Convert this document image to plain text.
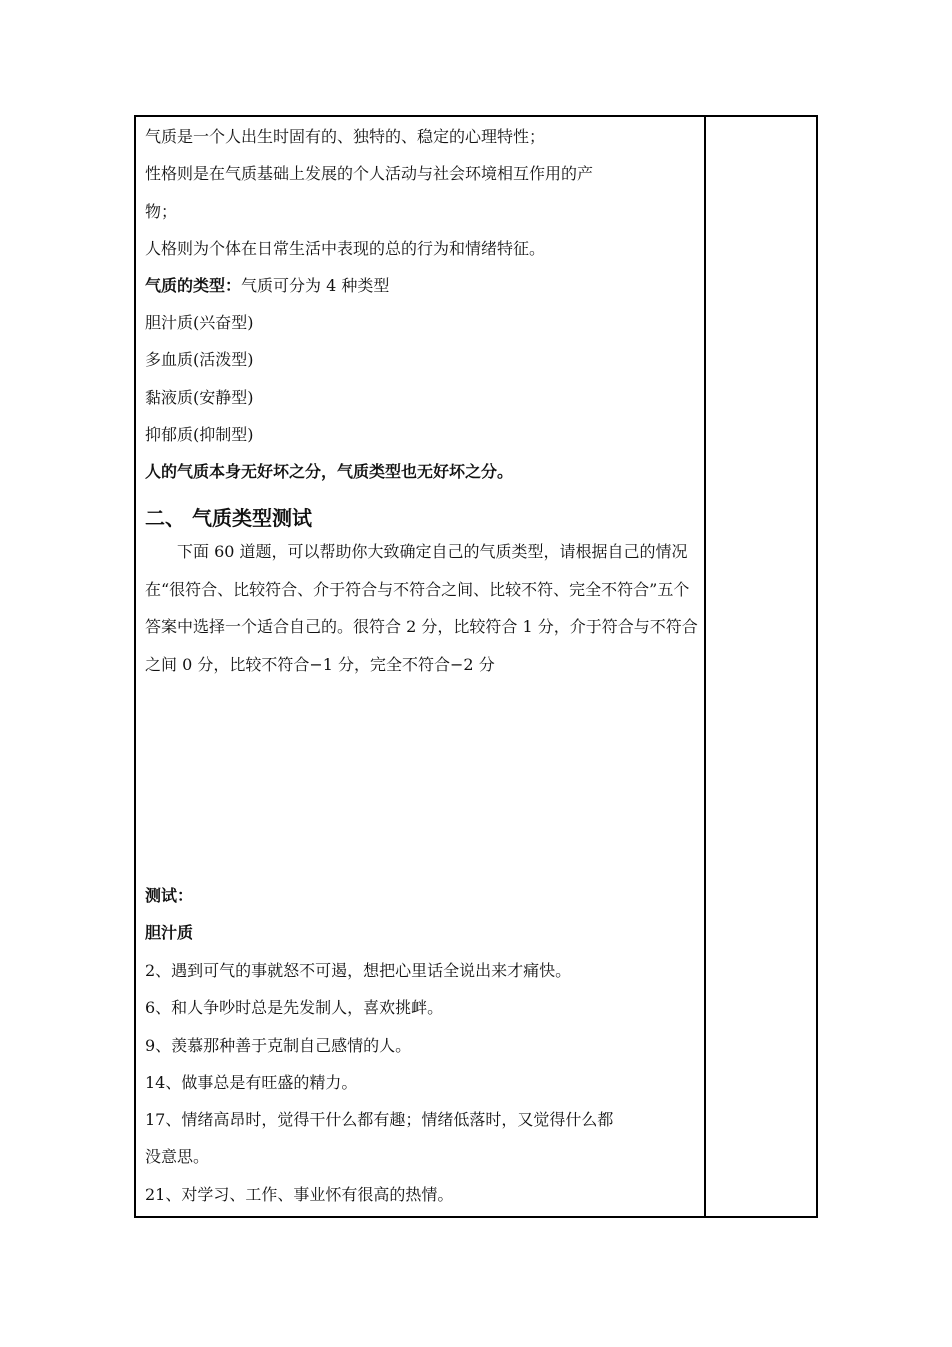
气质是一个人出生时固有的、独特的、稳定的心理特性；
性格则是在气质基础上发展的个人活动与社会环境相互作用的产
物；
人格则为个体在日常生活中表现的总的行为和情绪特征。
气质的类型：气质可分为 4 种类型
胆汁质(兴奋型)
多血质(活泼型)
黏液质(安静型)
抑郁质(抑制型)
人的气质本身无好坏之分，气质类型也无好坏之分。
二、 气质类型测试
下面 60 道题，可以帮助你大致确定自己的气质类型，请根据自己的情况在“很符合、比较符合、介于符合与不符合之间、比较不符、完全不符合”五个答案中选择一个适合自己的。很符合 2 分，比较符合 1 分，介于符合与不符合之间 0 分，比较不符合−1 分，完全不符合−2 分
测试：
胆汁质
2、遇到可气的事就怒不可遏，想把心里话全说出来才痛快。
6、和人争吵时总是先发制人，喜欢挑衅。
9、羡慕那种善于克制自己感情的人。
14、做事总是有旺盛的精力。
17、情绪高昂时，觉得干什么都有趣；情绪低落时，又觉得什么都
没意思。
21、对学习、工作、事业怀有很高的热情。
